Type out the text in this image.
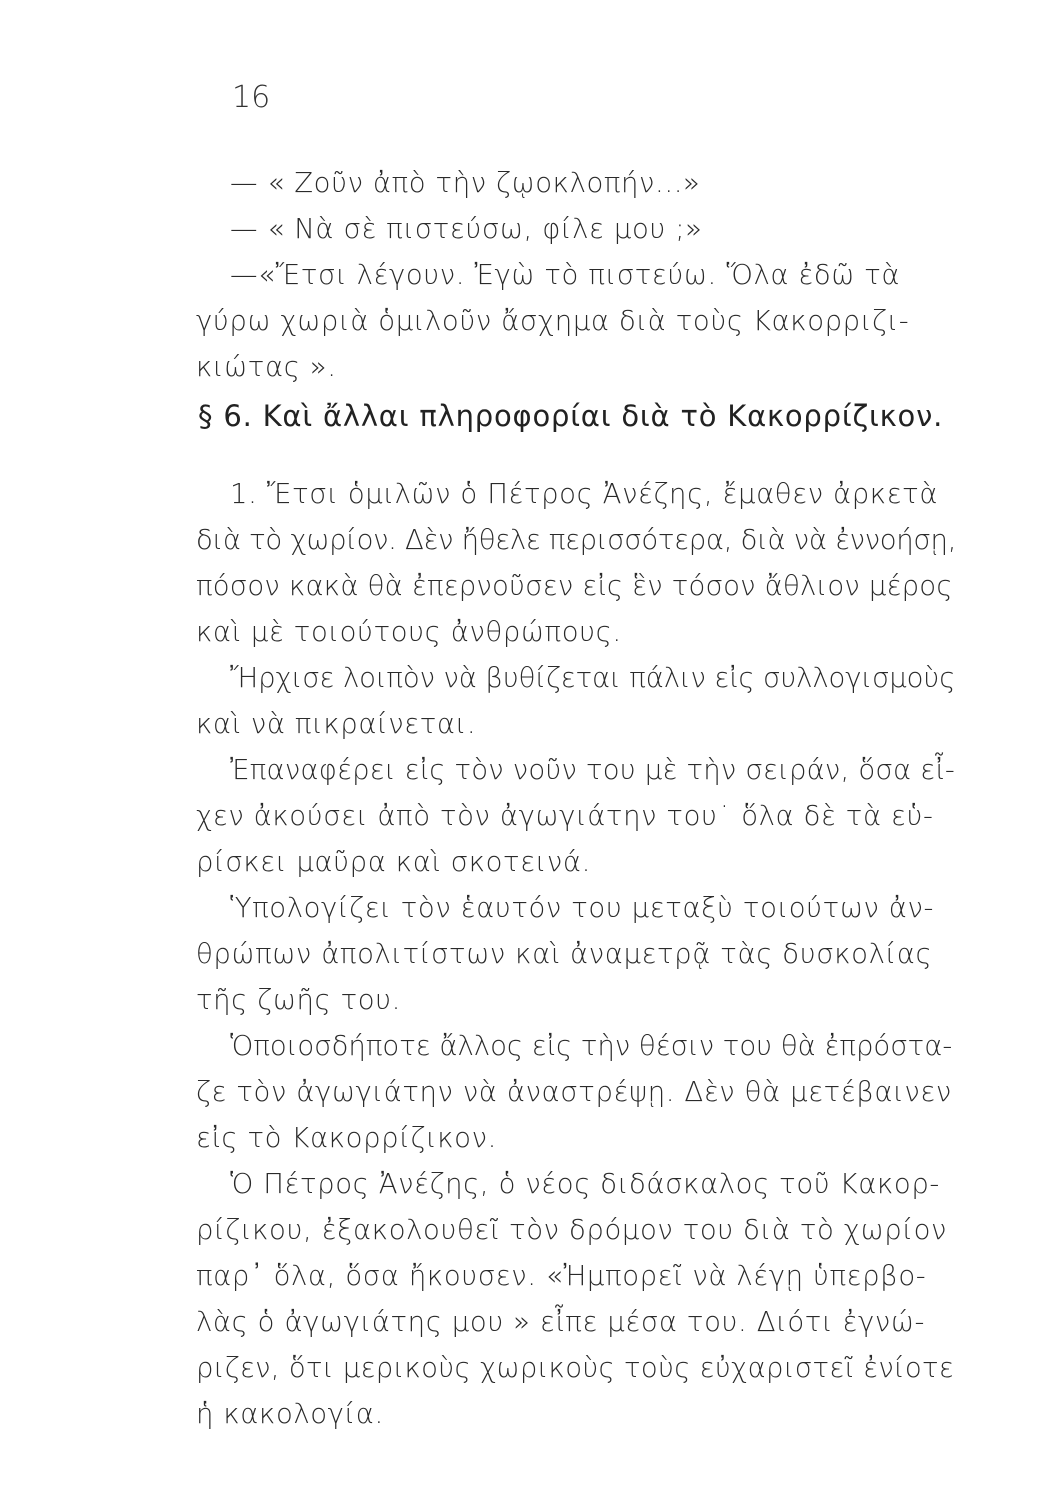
16
— « Ζοῦν ἀπὸ τὴν ζῳοκλοπήν...»
— « Νὰ σὲ πιστεύσω, φίλε μου ;»
—«Ἔτσι λέγουν. Ἐγὼ τὸ πιστεύω. Ὅλα ἐδῶ τὰ
γύρω χωριὰ ὁμιλοῦν ἄσχημα διὰ τοὺς Κακορριζι-
κιώτας ».
§ 6. Καὶ ἄλλαι πληροφορίαι διὰ τὸ Κακορρίζικον.
1. Ἔτσι ὁμιλῶν ὁ Πέτρος Ἀνέζης, ἔμαθεν ἀρκετὰ
διὰ τὸ χωρίον. Δὲν ἤθελε περισσότερα, διὰ νὰ ἐννοήσῃ,
πόσον κακὰ θὰ ἐπερνοῦσεν εἰς ἓν τόσον ἄθλιον μέρος
καὶ μὲ τοιούτους ἀνθρώπους.
Ἤρχισε λοιπὸν νὰ βυθίζεται πάλιν εἰς συλλογισμοὺς
καὶ νὰ πικραίνεται.
Ἐπαναφέρει εἰς τὸν νοῦν του μὲ τὴν σειράν, ὅσα εἶ-
χεν ἀκούσει ἀπὸ τὸν ἀγωγιάτην του˙ ὅλα δὲ τὰ εὑ-
ρίσκει μαῦρα καὶ σκοτεινά.
Ὑπολογίζει τὸν ἑαυτόν του μεταξὺ τοιούτων ἀν-
θρώπων ἀπολιτίστων καὶ ἀναμετρᾷ τὰς δυσκολίας
τῆς ζωῆς του.
Ὁποιοσδήποτε ἄλλος εἰς τὴν θέσιν του θὰ ἐπρόστα-
ζε τὸν ἀγωγιάτην νὰ ἀναστρέψῃ. Δὲν θὰ μετέβαινεν
εἰς τὸ Κακορρίζικον.
Ὁ Πέτρος Ἀνέζης, ὁ νέος διδάσκαλος τοῦ Κακορ-
ρίζικου, ἐξακολουθεῖ τὸν δρόμον του διὰ τὸ χωρίον
παρ᾽ ὅλα, ὅσα ἤκουσεν. «Ἠμπορεῖ νὰ λέγῃ ὑπερβο-
λὰς ὁ ἀγωγιάτης μου » εἶπε μέσα του. Διότι ἐγνώ-
ριζεν, ὅτι μερικοὺς χωρικοὺς τοὺς εὐχαριστεῖ ἐνίοτε
ἡ κακολογία.
